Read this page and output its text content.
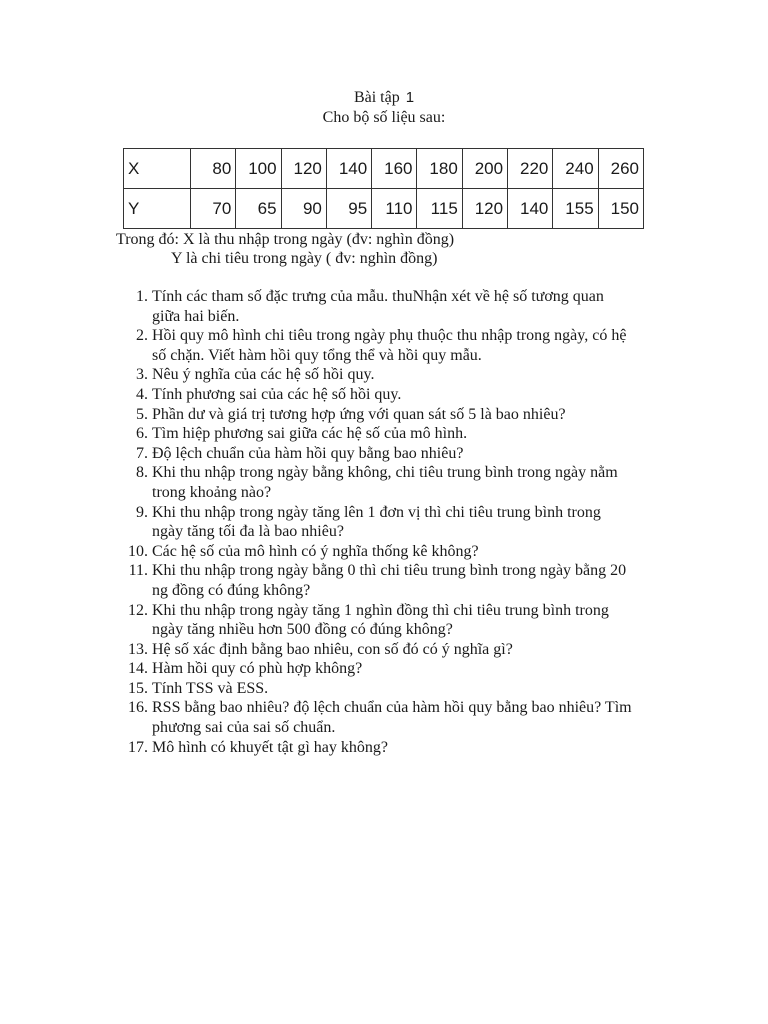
Bài tập 1
Cho bộ số liệu sau:
X	80	100	120	140	160	180	200	220	240	260
Y	70	65	90	95	110	115	120	140	155	150
Trong đó: X là thu nhập trong ngày (đv: nghìn đồng)
Y là chi tiêu trong ngày ( đv: nghìn đồng)
1. Tính các tham số đặc trưng của mẫu. thuNhận xét về hệ số tương quan giữa hai biến.
2. Hồi quy mô hình chi tiêu trong ngày phụ thuộc thu nhập trong ngày, có hệ số chặn. Viết hàm hồi quy tổng thể và hồi quy mẫu.
3. Nêu ý nghĩa của các hệ số hồi quy.
4. Tính phương sai của các hệ số hồi quy.
5. Phần dư và giá trị tương hợp ứng với quan sát số 5 là bao nhiêu?
6. Tìm hiệp phương sai giữa các hệ số của mô hình.
7. Độ lệch chuẩn của hàm hồi quy bằng bao nhiêu?
8. Khi thu nhập trong ngày bằng không, chi tiêu trung bình trong ngày nằm trong khoảng nào?
9. Khi thu nhập trong ngày tăng lên 1 đơn vị thì chi tiêu trung bình trong ngày tăng tối đa là bao nhiêu?
10. Các hệ số của mô hình có ý nghĩa thống kê không?
11. Khi thu nhập trong ngày bằng 0 thì chi tiêu trung bình trong ngày bằng 20 ng đồng có đúng không?
12. Khi thu nhập trong ngày tăng 1 nghìn đồng thì chi tiêu trung bình trong ngày tăng nhiều hơn 500 đồng có đúng không?
13. Hệ số xác định bằng bao nhiêu, con số đó có ý nghĩa gì?
14. Hàm hồi quy có phù hợp không?
15. Tính TSS và ESS.
16. RSS bằng bao nhiêu? độ lệch chuẩn của hàm hồi quy bằng bao nhiêu? Tìm phương sai của sai số chuẩn.
17. Mô hình có khuyết tật gì hay không?
